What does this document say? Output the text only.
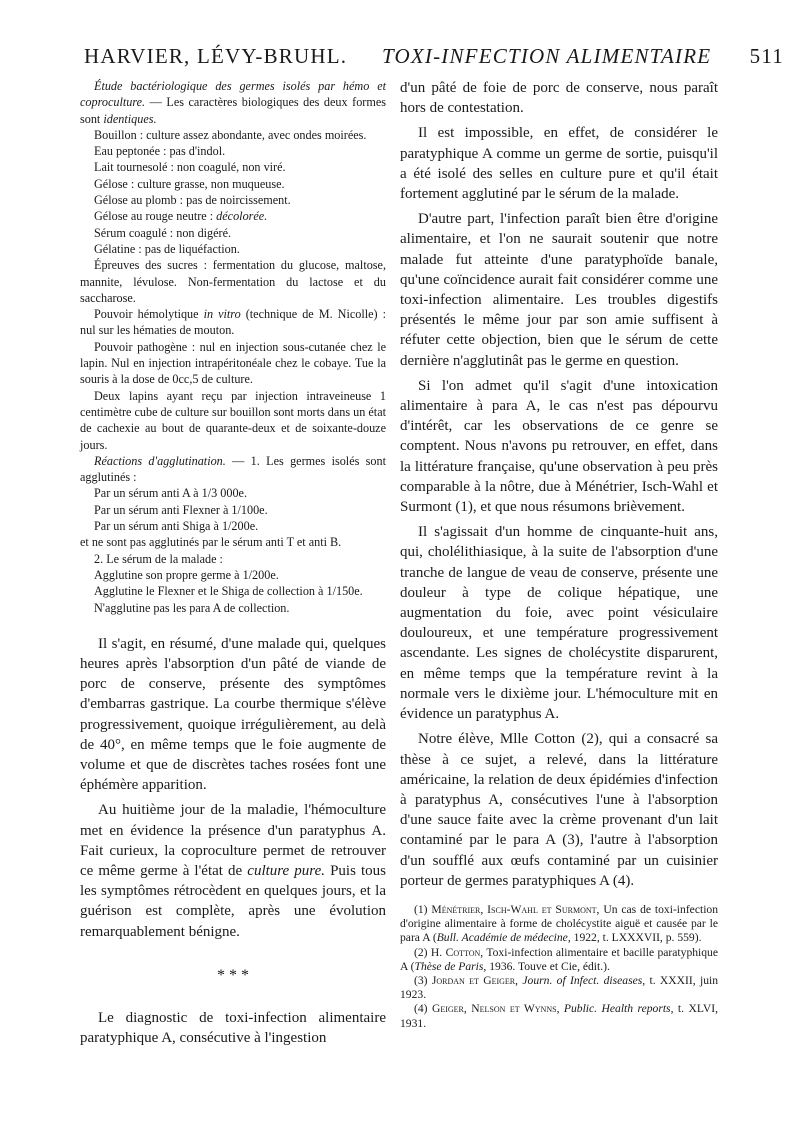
HARVIER, LÉVY-BRUHL. TOXI-INFECTION ALIMENTAIRE 511

Étude bactériologique des germes isolés par hémo et coproculture. — Les caractères biologiques des deux formes sont identiques.

Bouillon : culture assez abondante, avec ondes moirées.

Eau peptonée : pas d'indol.

Lait tournesolé : non coagulé, non viré.

Gélose : culture grasse, non muqueuse.

Gélose au plomb : pas de noircissement.

Gélose au rouge neutre : décolorée.

Sérum coagulé : non digéré.

Gélatine : pas de liquéfaction.

Épreuves des sucres : fermentation du glucose, maltose, mannite, lévulose. Non-fermentation du lactose et du saccharose.

Pouvoir hémolytique in vitro (technique de M. Nicolle) : nul sur les hématies de mouton.

Pouvoir pathogène : nul en injection sous-cutanée chez le lapin. Nul en injection intrapéritonéale chez le cobaye. Tue la souris à la dose de 0cc,5 de culture.

Deux lapins ayant reçu par injection intraveineuse 1 centimètre cube de culture sur bouillon sont morts dans un état de cachexie au bout de quarante-deux et de soixante-douze jours.

Réactions d'agglutination. — 1. Les germes isolés sont agglutinés :

Par un sérum anti A à 1/3 000e.

Par un sérum anti Flexner à 1/100e.

Par un sérum anti Shiga à 1/200e.

et ne sont pas agglutinés par le sérum anti T et anti B.

2. Le sérum de la malade :

Agglutine son propre germe à 1/200e.

Agglutine le Flexner et le Shiga de collection à 1/150e.

N'agglutine pas les para A de collection.

Il s'agit, en résumé, d'une malade qui, quelques heures après l'absorption d'un pâté de viande de porc de conserve, présente des symptômes d'embarras gastrique. La courbe thermique s'élève progressivement, quoique irrégulièrement, au delà de 40°, en même temps que le foie augmente de volume et que de discrètes taches rosées font une éphémère apparition.

Au huitième jour de la maladie, l'hémoculture met en évidence la présence d'un paratyphus A. Fait curieux, la coproculture permet de retrouver ce même germe à l'état de culture pure. Puis tous les symptômes rétrocèdent en quelques jours, et la guérison est complète, après une évolution remarquablement bénigne.

* * *

Le diagnostic de toxi-infection alimentaire paratyphique A, consécutive à l'ingestion

d'un pâté de foie de porc de conserve, nous paraît hors de contestation.

Il est impossible, en effet, de considérer le paratyphique A comme un germe de sortie, puisqu'il a été isolé des selles en culture pure et qu'il était fortement agglutiné par le sérum de la malade.

D'autre part, l'infection paraît bien être d'origine alimentaire, et l'on ne saurait soutenir que notre malade fut atteinte d'une paratyphoïde banale, qu'une coïncidence aurait fait considérer comme une toxi-infection alimentaire. Les troubles digestifs présentés le même jour par son amie suffisent à réfuter cette objection, bien que le sérum de cette dernière n'agglutinât pas le germe en question.

Si l'on admet qu'il s'agit d'une intoxication alimentaire à para A, le cas n'est pas dépourvu d'intérêt, car les observations de ce genre se comptent. Nous n'avons pu retrouver, en effet, dans la littérature française, qu'une observation à peu près comparable à la nôtre, due à Ménétrier, Isch-Wahl et Surmont (1), et que nous résumons brièvement.

Il s'agissait d'un homme de cinquante-huit ans, qui, cholélithiasique, à la suite de l'absorption d'une tranche de langue de veau de conserve, présente une douleur à type de colique hépatique, une augmentation du foie, avec point vésiculaire douloureux, et une température progressivement ascendante. Les signes de cholécystite disparurent, en même temps que la température revint à la normale vers le dixième jour. L'hémoculture mit en évidence un paratyphus A.

Notre élève, Mlle Cotton (2), qui a consacré sa thèse à ce sujet, a relevé, dans la littérature américaine, la relation de deux épidémies d'infection à paratyphus A, consécutives l'une à l'absorption d'une sauce faite avec la crème provenant d'un lait contaminé par le para A (3), l'autre à l'absorption d'un soufflé aux œufs contaminé par un cuisinier porteur de germes paratyphiques A (4).

(1) Ménétrier, Isch-Wahl et Surmont, Un cas de toxi-infection d'origine alimentaire à forme de cholécystite aiguë et causée par le para A (Bull. Académie de médecine, 1922, t. LXXXVII, p. 559).

(2) H. Cotton, Toxi-infection alimentaire et bacille paratyphique A (Thèse de Paris, 1936. Touve et Cie, édit.).

(3) Jordan et Geiger, Journ. of Infect. diseases, t. XXXII, juin 1923.

(4) Geiger, Nelson et Wynns, Public. Health reports, t. XLVI, 1931.
